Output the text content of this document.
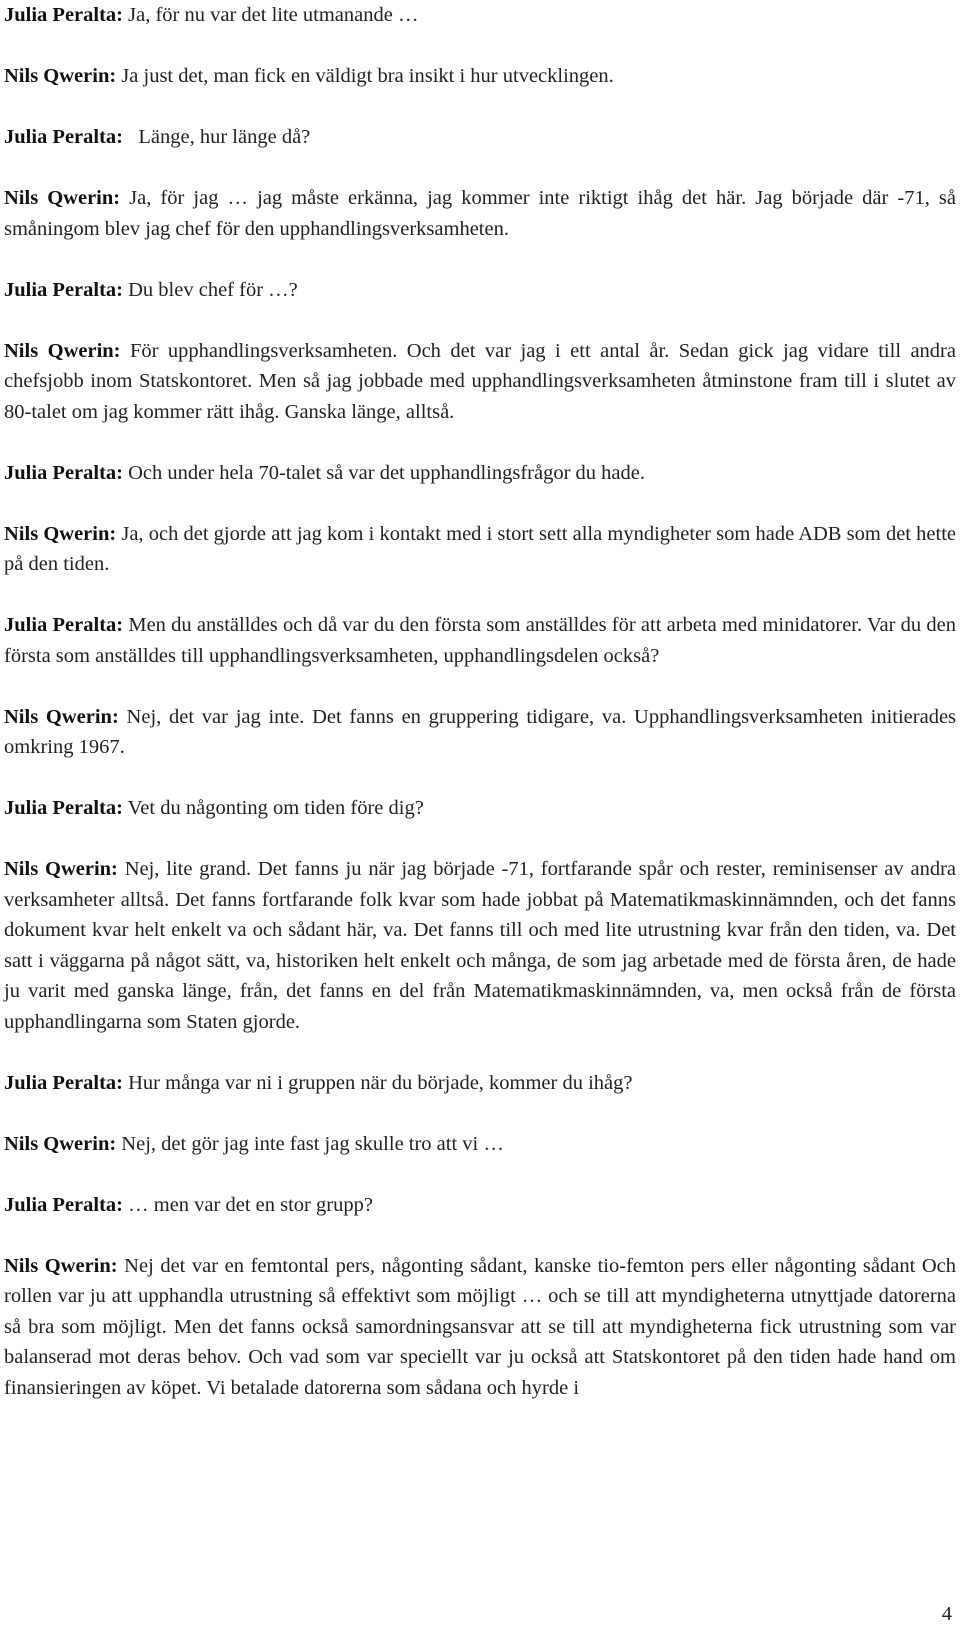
Julia Peralta: Ja, för nu var det lite utmanande …

Nils Qwerin: Ja just det, man fick en väldigt bra insikt i hur utvecklingen.

Julia Peralta: Länge, hur länge då?

Nils Qwerin: Ja, för jag … jag måste erkänna, jag kommer inte riktigt ihåg det här. Jag började där -71, så småningom blev jag chef för den upphandlingsverksamheten.

Julia Peralta: Du blev chef för …?

Nils Qwerin: För upphandlingsverksamheten. Och det var jag i ett antal år. Sedan gick jag vidare till andra chefsjobb inom Statskontoret. Men så jag jobbade med upphandlingsverksamheten åtminstone fram till i slutet av 80-talet om jag kommer rätt ihåg. Ganska länge, alltså.

Julia Peralta: Och under hela 70-talet så var det upphandlingsfrågor du hade.

Nils Qwerin: Ja, och det gjorde att jag kom i kontakt med i stort sett alla myndigheter som hade ADB som det hette på den tiden.

Julia Peralta: Men du anställdes och då var du den första som anställdes för att arbeta med minidatorer. Var du den första som anställdes till upphandlingsverksamheten, upphandlingsdelen också?

Nils Qwerin: Nej, det var jag inte. Det fanns en gruppering tidigare, va. Upphandlingsverksamheten initierades omkring 1967.

Julia Peralta: Vet du någonting om tiden före dig?

Nils Qwerin: Nej, lite grand. Det fanns ju när jag började -71, fortfarande spår och rester, reminisenser av andra verksamheter alltså. Det fanns fortfarande folk kvar som hade jobbat på Matematikmaskinnämnden, och det fanns dokument kvar helt enkelt va och sådant här, va. Det fanns till och med lite utrustning kvar från den tiden, va. Det satt i väggarna på något sätt, va, historiken helt enkelt och många, de som jag arbetade med de första åren, de hade ju varit med ganska länge, från, det fanns en del från Matematikmaskinnämnden, va, men också från de första upphandlingarna som Staten gjorde.

Julia Peralta: Hur många var ni i gruppen när du började, kommer du ihåg?

Nils Qwerin: Nej, det gör jag inte fast jag skulle tro att vi …

Julia Peralta: … men var det en stor grupp?

Nils Qwerin: Nej det var en femtontal pers, någonting sådant, kanske tio-femton pers eller någonting sådant Och rollen var ju att upphandla utrustning så effektivt som möjligt … och se till att myndigheterna utnyttjade datorerna så bra som möjligt. Men det fanns också samordningsansvar att se till att myndigheterna fick utrustning som var balanserad mot deras behov. Och vad som var speciellt var ju också att Statskontoret på den tiden hade hand om finansieringen av köpet. Vi betalade datorerna som sådana och hyrde i

4
